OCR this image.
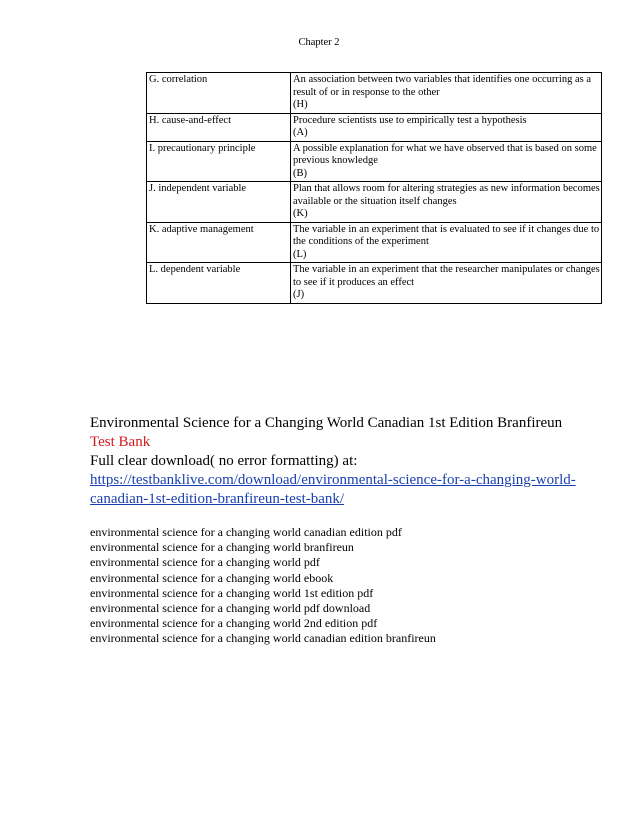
Chapter 2
G. correlation	An association between two variables that identifies one occurring as a result of or in response to the other
(H)
H. cause-and-effect	Procedure scientists use to empirically test a hypothesis
(A)
I. precautionary principle	A possible explanation for what we have observed that is based on some previous knowledge
(B)
J. independent variable	Plan that allows room for altering strategies as new information becomes available or the situation itself changes
(K)
K. adaptive management	The variable in an experiment that is evaluated to see if it changes due to the conditions of the experiment
(L)
L. dependent variable	The variable in an experiment that the researcher manipulates or changes to see if it produces an effect
(J)
Environmental Science for a Changing World Canadian 1st Edition Branfireun
Test Bank
Full clear download( no error formatting) at:
https://testbanklive.com/download/environmental-science-for-a-changing-world-canadian-1st-edition-branfireun-test-bank/
environmental science for a changing world canadian edition pdf
environmental science for a changing world branfireun
environmental science for a changing world pdf
environmental science for a changing world ebook
environmental science for a changing world 1st edition pdf
environmental science for a changing world pdf download
environmental science for a changing world 2nd edition pdf
environmental science for a changing world canadian edition branfireun
